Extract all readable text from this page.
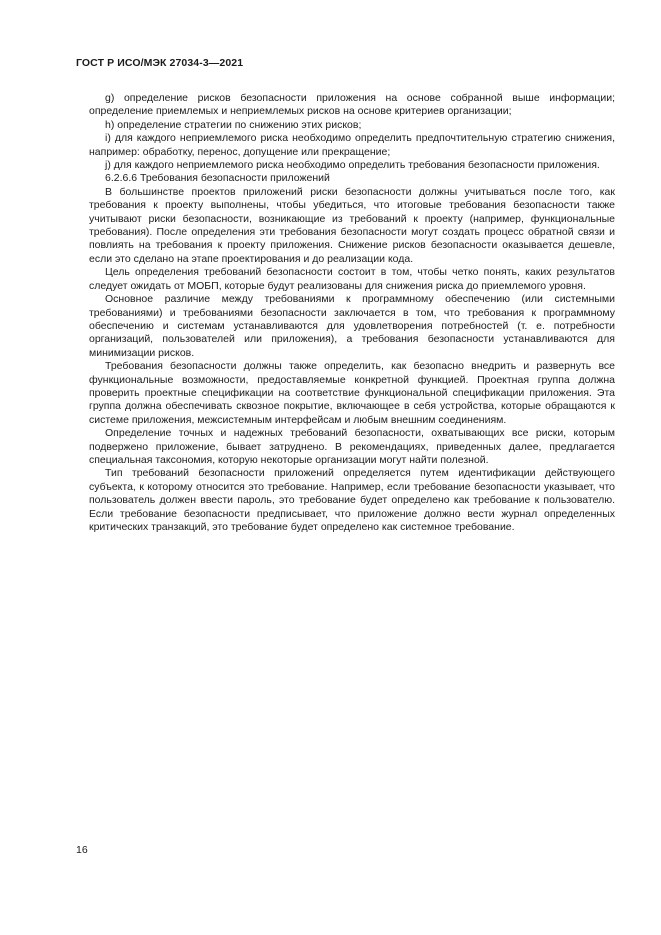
ГОСТ Р ИСО/МЭК 27034-3—2021

g) определение рисков безопасности приложения на основе собранной выше информации; определение приемлемых и неприемлемых рисков на основе критериев организации;

h) определение стратегии по снижению этих рисков;

i) для каждого неприемлемого риска необходимо определить предпочтительную стратегию снижения, например: обработку, перенос, допущение или прекращение;

j) для каждого неприемлемого риска необходимо определить требования безопасности приложения.

6.2.6.6 Требования безопасности приложений

В большинстве проектов приложений риски безопасности должны учитываться после того, как требования к проекту выполнены, чтобы убедиться, что итоговые требования безопасности также учитывают риски безопасности, возникающие из требований к проекту (например, функциональные требования). После определения эти требования безопасности могут создать процесс обратной связи и повлиять на требования к проекту приложения. Снижение рисков безопасности оказывается дешевле, если это сделано на этапе проектирования и до реализации кода.

Цель определения требований безопасности состоит в том, чтобы четко понять, каких результатов следует ожидать от МОБП, которые будут реализованы для снижения риска до приемлемого уровня.

Основное различие между требованиями к программному обеспечению (или системными требованиями) и требованиями безопасности заключается в том, что требования к программному обеспечению и системам устанавливаются для удовлетворения потребностей (т. е. потребности организаций, пользователей или приложения), а требования безопасности устанавливаются для минимизации рисков.

Требования безопасности должны также определить, как безопасно внедрить и развернуть все функциональные возможности, предоставляемые конкретной функцией. Проектная группа должна проверить проектные спецификации на соответствие функциональной спецификации приложения. Эта группа должна обеспечивать сквозное покрытие, включающее в себя устройства, которые обращаются к системе приложения, межсистемным интерфейсам и любым внешним соединениям.

Определение точных и надежных требований безопасности, охватывающих все риски, которым подвержено приложение, бывает затруднено. В рекомендациях, приведенных далее, предлагается специальная таксономия, которую некоторые организации могут найти полезной.

Тип требований безопасности приложений определяется путем идентификации действующего субъекта, к которому относится это требование. Например, если требование безопасности указывает, что пользователь должен ввести пароль, это требование будет определено как требование к пользователю. Если требование безопасности предписывает, что приложение должно вести журнал определенных критических транзакций, это требование будет определено как системное требование.

16
